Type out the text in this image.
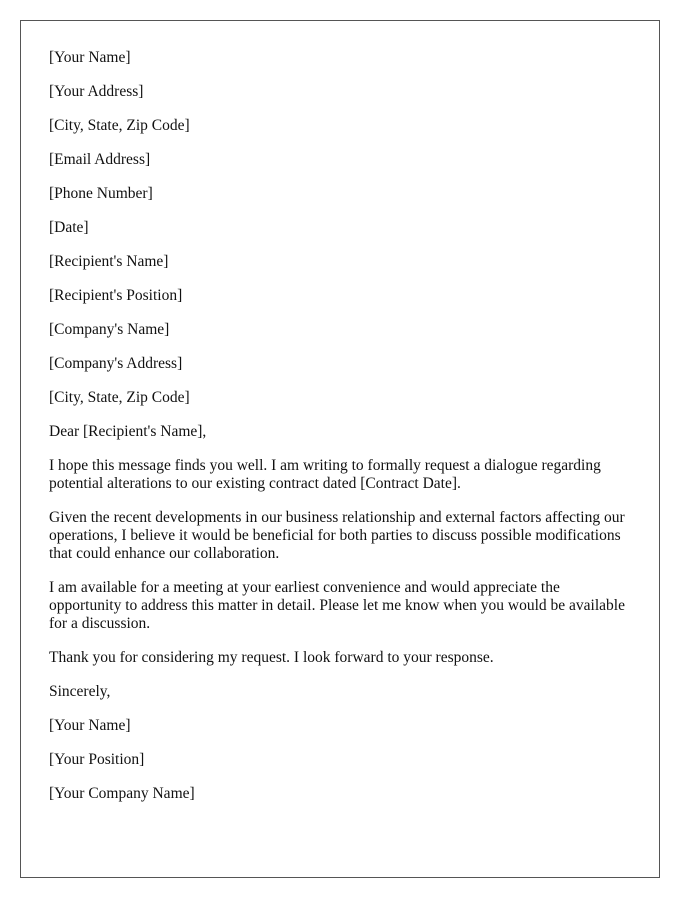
[Your Name]
[Your Address]
[City, State, Zip Code]
[Email Address]
[Phone Number]
[Date]
[Recipient's Name]
[Recipient's Position]
[Company's Name]
[Company's Address]
[City, State, Zip Code]
Dear [Recipient's Name],

I hope this message finds you well. I am writing to formally request a dialogue regarding potential alterations to our existing contract dated [Contract Date].

Given the recent developments in our business relationship and external factors affecting our operations, I believe it would be beneficial for both parties to discuss possible modifications that could enhance our collaboration.

I am available for a meeting at your earliest convenience and would appreciate the opportunity to address this matter in detail. Please let me know when you would be available for a discussion.

Thank you for considering my request. I look forward to your response.

Sincerely,
[Your Name]
[Your Position]
[Your Company Name]
